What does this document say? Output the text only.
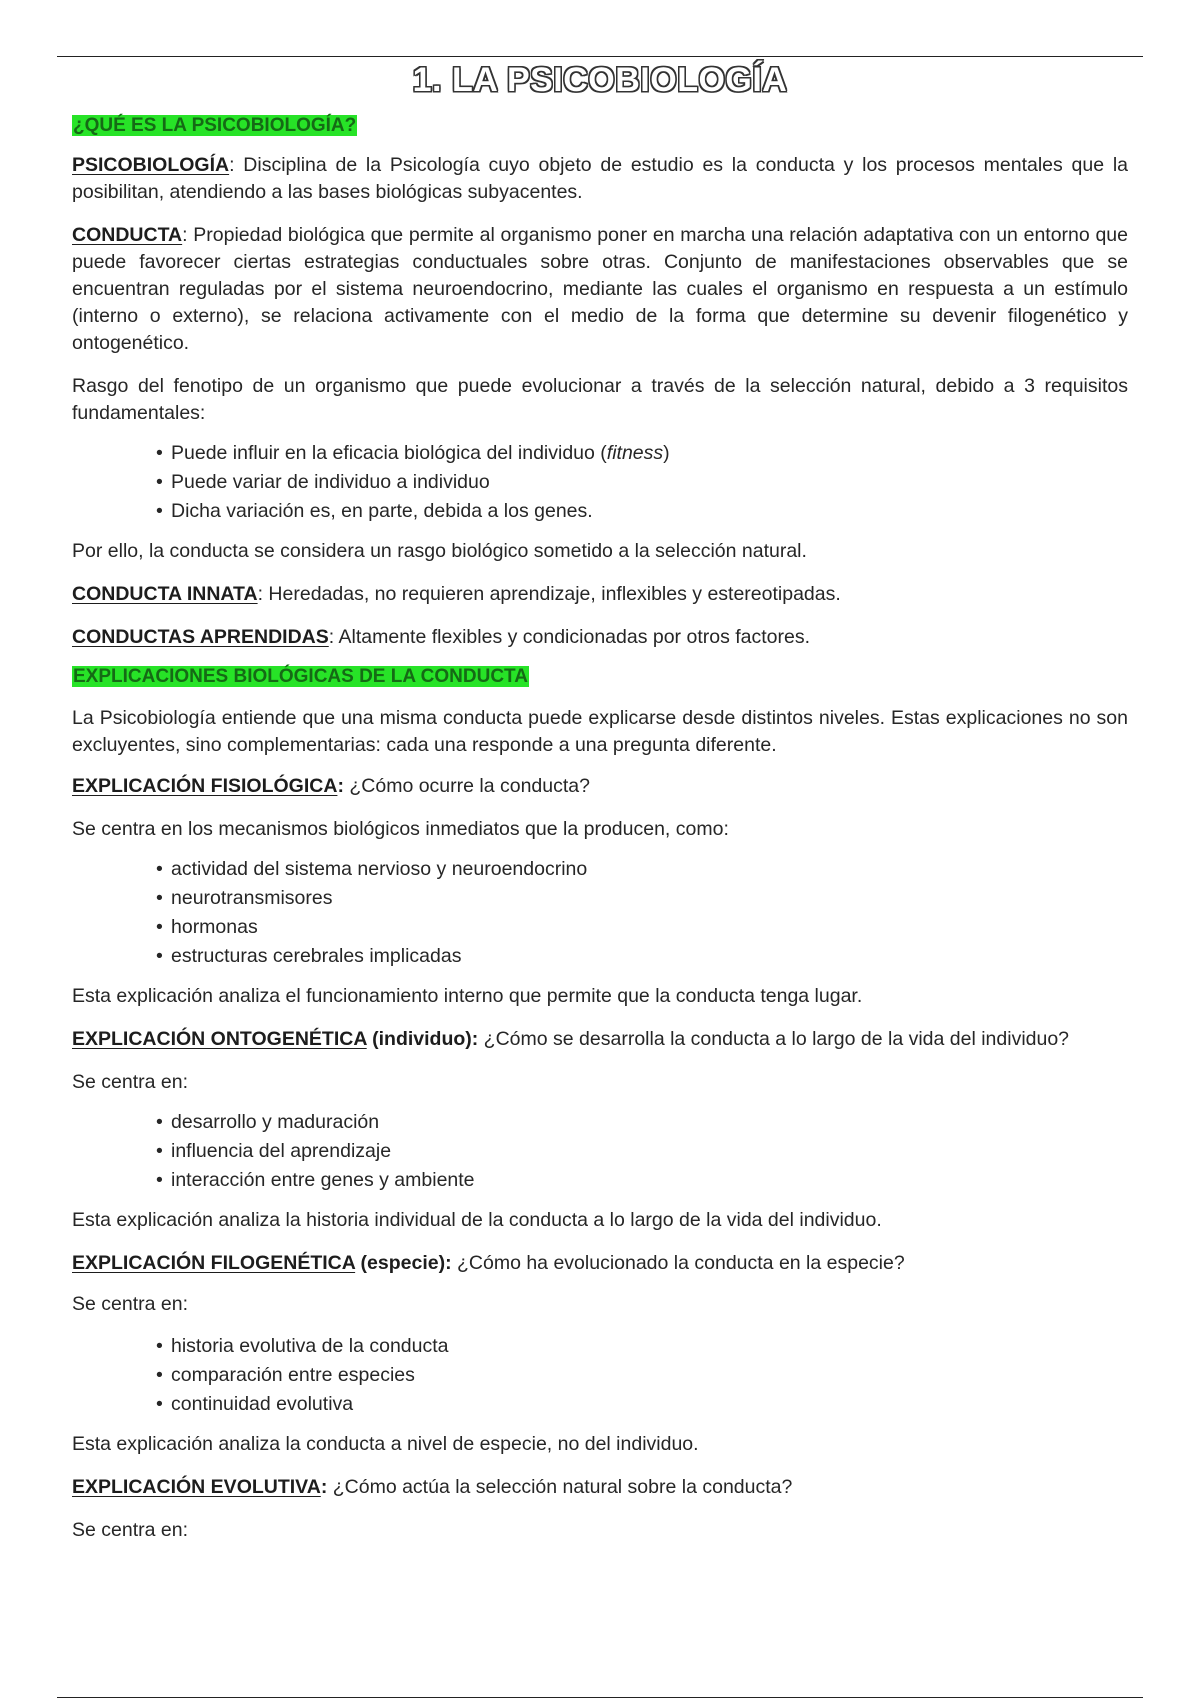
1. LA PSICOBIOLOGÍA
¿QUÉ ES LA PSICOBIOLOGÍA?

PSICOBIOLOGÍA: Disciplina de la Psicología cuyo objeto de estudio es la conducta y los procesos mentales que la posibilitan, atendiendo a las bases biológicas subyacentes.

CONDUCTA: Propiedad biológica que permite al organismo poner en marcha una relación adaptativa con un entorno que puede favorecer ciertas estrategias conductuales sobre otras. Conjunto de manifestaciones observables que se encuentran reguladas por el sistema neuroendocrino, mediante las cuales el organismo en respuesta a un estímulo (interno o externo), se relaciona activamente con el medio de la forma que determine su devenir filogenético y ontogenético.

Rasgo del fenotipo de un organismo que puede evolucionar a través de la selección natural, debido a 3 requisitos fundamentales:

• Puede influir en la eficacia biológica del individuo (fitness)
• Puede variar de individuo a individuo
• Dicha variación es, en parte, debida a los genes.

Por ello, la conducta se considera un rasgo biológico sometido a la selección natural.

CONDUCTA INNATA: Heredadas, no requieren aprendizaje, inflexibles y estereotipadas.

CONDUCTAS APRENDIDAS: Altamente flexibles y condicionadas por otros factores.

EXPLICACIONES BIOLÓGICAS DE LA CONDUCTA

La Psicobiología entiende que una misma conducta puede explicarse desde distintos niveles. Estas explicaciones no son excluyentes, sino complementarias: cada una responde a una pregunta diferente.

EXPLICACIÓN FISIOLÓGICA: ¿Cómo ocurre la conducta?

Se centra en los mecanismos biológicos inmediatos que la producen, como:

• actividad del sistema nervioso y neuroendocrino
• neurotransmisores
• hormonas
• estructuras cerebrales implicadas

Esta explicación analiza el funcionamiento interno que permite que la conducta tenga lugar.

EXPLICACIÓN ONTOGENÉTICA (individuo): ¿Cómo se desarrolla la conducta a lo largo de la vida del individuo?

Se centra en:

• desarrollo y maduración
• influencia del aprendizaje
• interacción entre genes y ambiente

Esta explicación analiza la historia individual de la conducta a lo largo de la vida del individuo.

EXPLICACIÓN FILOGENÉTICA (especie): ¿Cómo ha evolucionado la conducta en la especie?

Se centra en:

• historia evolutiva de la conducta
• comparación entre especies
• continuidad evolutiva

Esta explicación analiza la conducta a nivel de especie, no del individuo.

EXPLICACIÓN EVOLUTIVA: ¿Cómo actúa la selección natural sobre la conducta?

Se centra en:
